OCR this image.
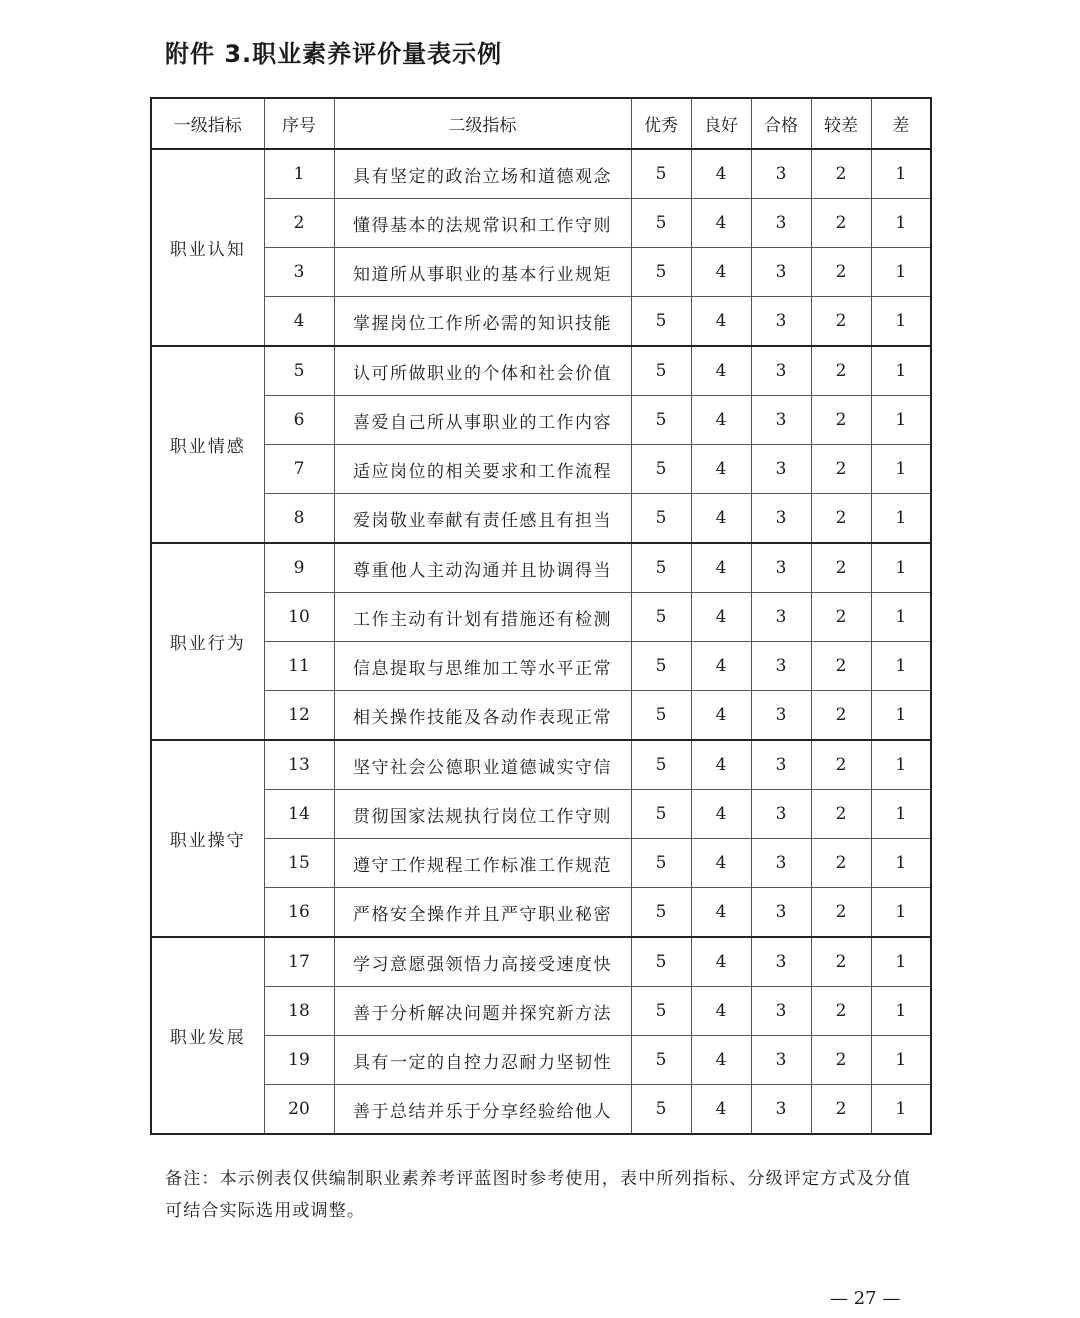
附件 3.职业素养评价量表示例
一级指标	序号	二级指标	优秀	良好	合格	较差	差
职业认知	1	具有坚定的政治立场和道德观念	5	4	3	2	1
	2	懂得基本的法规常识和工作守则	5	4	3	2	1
	3	知道所从事职业的基本行业规矩	5	4	3	2	1
	4	掌握岗位工作所必需的知识技能	5	4	3	2	1
职业情感	5	认可所做职业的个体和社会价值	5	4	3	2	1
	6	喜爱自己所从事职业的工作内容	5	4	3	2	1
	7	适应岗位的相关要求和工作流程	5	4	3	2	1
	8	爱岗敬业奉献有责任感且有担当	5	4	3	2	1
职业行为	9	尊重他人主动沟通并且协调得当	5	4	3	2	1
	10	工作主动有计划有措施还有检测	5	4	3	2	1
	11	信息提取与思维加工等水平正常	5	4	3	2	1
	12	相关操作技能及各动作表现正常	5	4	3	2	1
职业操守	13	坚守社会公德职业道德诚实守信	5	4	3	2	1
	14	贯彻国家法规执行岗位工作守则	5	4	3	2	1
	15	遵守工作规程工作标准工作规范	5	4	3	2	1
	16	严格安全操作并且严守职业秘密	5	4	3	2	1
职业发展	17	学习意愿强领悟力高接受速度快	5	4	3	2	1
	18	善于分析解决问题并探究新方法	5	4	3	2	1
	19	具有一定的自控力忍耐力坚韧性	5	4	3	2	1
	20	善于总结并乐于分享经验给他人	5	4	3	2	1
备注：本示例表仅供编制职业素养考评蓝图时参考使用，表中所列指标、分级评定方式及分值可结合实际选用或调整。
— 27 —
